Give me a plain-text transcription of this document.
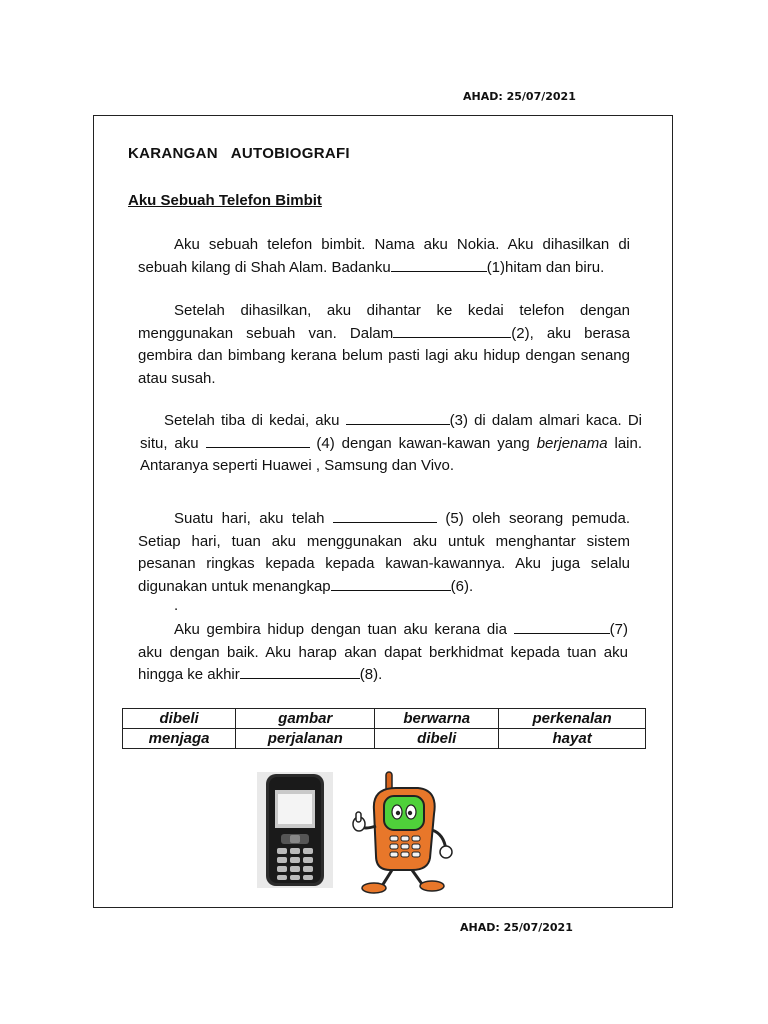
AHAD: 25/07/2021
KARANGAN   AUTOBIOGRAFI
Aku Sebuah Telefon Bimbit
Aku sebuah telefon bimbit. Nama aku Nokia. Aku dihasilkan di sebuah kilang di Shah Alam. Badanku	(1)hitam dan biru.
Setelah dihasilkan, aku dihantar ke kedai telefon dengan menggunakan sebuah van. Dalam	(2), aku berasa gembira dan bimbang kerana belum pasti lagi aku hidup dengan senang atau susah.
Setelah tiba di kedai, aku	(3) di dalam almari kaca. Di situ, aku	(4) dengan kawan-kawan yang berjenama lain. Antaranya seperti Huawei , Samsung dan Vivo.
Suatu hari, aku telah	(5) oleh seorang pemuda. Setiap hari, tuan aku menggunakan aku untuk menghantar sistem pesanan ringkas kepada kepada kawan-kawannya. Aku juga selalu digunakan untuk menangkap	(6).
.
Aku gembira hidup dengan tuan aku kerana dia	(7) aku dengan baik. Aku harap akan dapat berkhidmat kepada tuan aku hingga ke akhir	(8).
dibeli	gambar	berwarna	perkenalan
menjaga	perjalanan	dibeli	hayat
AHAD: 25/07/2021
